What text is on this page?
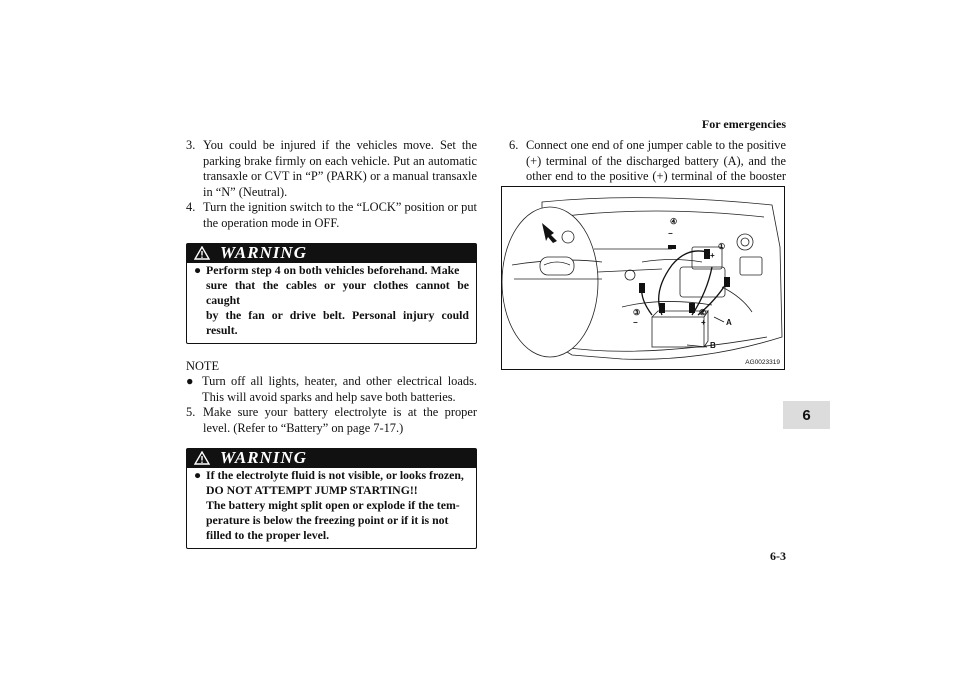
For emergencies
3. You could be injured if the vehicles move. Set the parking brake firmly on each vehicle. Put an automatic transaxle or CVT in “P” (PARK) or a manual transaxle in “N” (Neutral).
4. Turn the ignition switch to the “LOCK” position or put the operation mode in OFF.
WARNING
● Perform step 4 on both vehicles beforehand. Make
sure that the cables or your clothes cannot be caught
by the fan or drive belt. Personal injury could result.
NOTE
● Turn off all lights, heater, and other electrical loads. This will avoid sparks and help save both batteries.
5. Make sure your battery electrolyte is at the proper level. (Refer to “Battery” on page 7-17.)
WARNING
● If the electrolyte fluid is not visible, or looks frozen,
DO NOT ATTEMPT JUMP STARTING!!
The battery might split open or explode if the tem-
perature is below the freezing point or if it is not
filled to the proper level.
6. Connect one end of one jumper cable to the positive (+) terminal of the discharged battery (A), and the other end to the positive (+) terminal of the booster
④
−
①
+
③
−
②
+	A
B
AG0023319
6
6-3
